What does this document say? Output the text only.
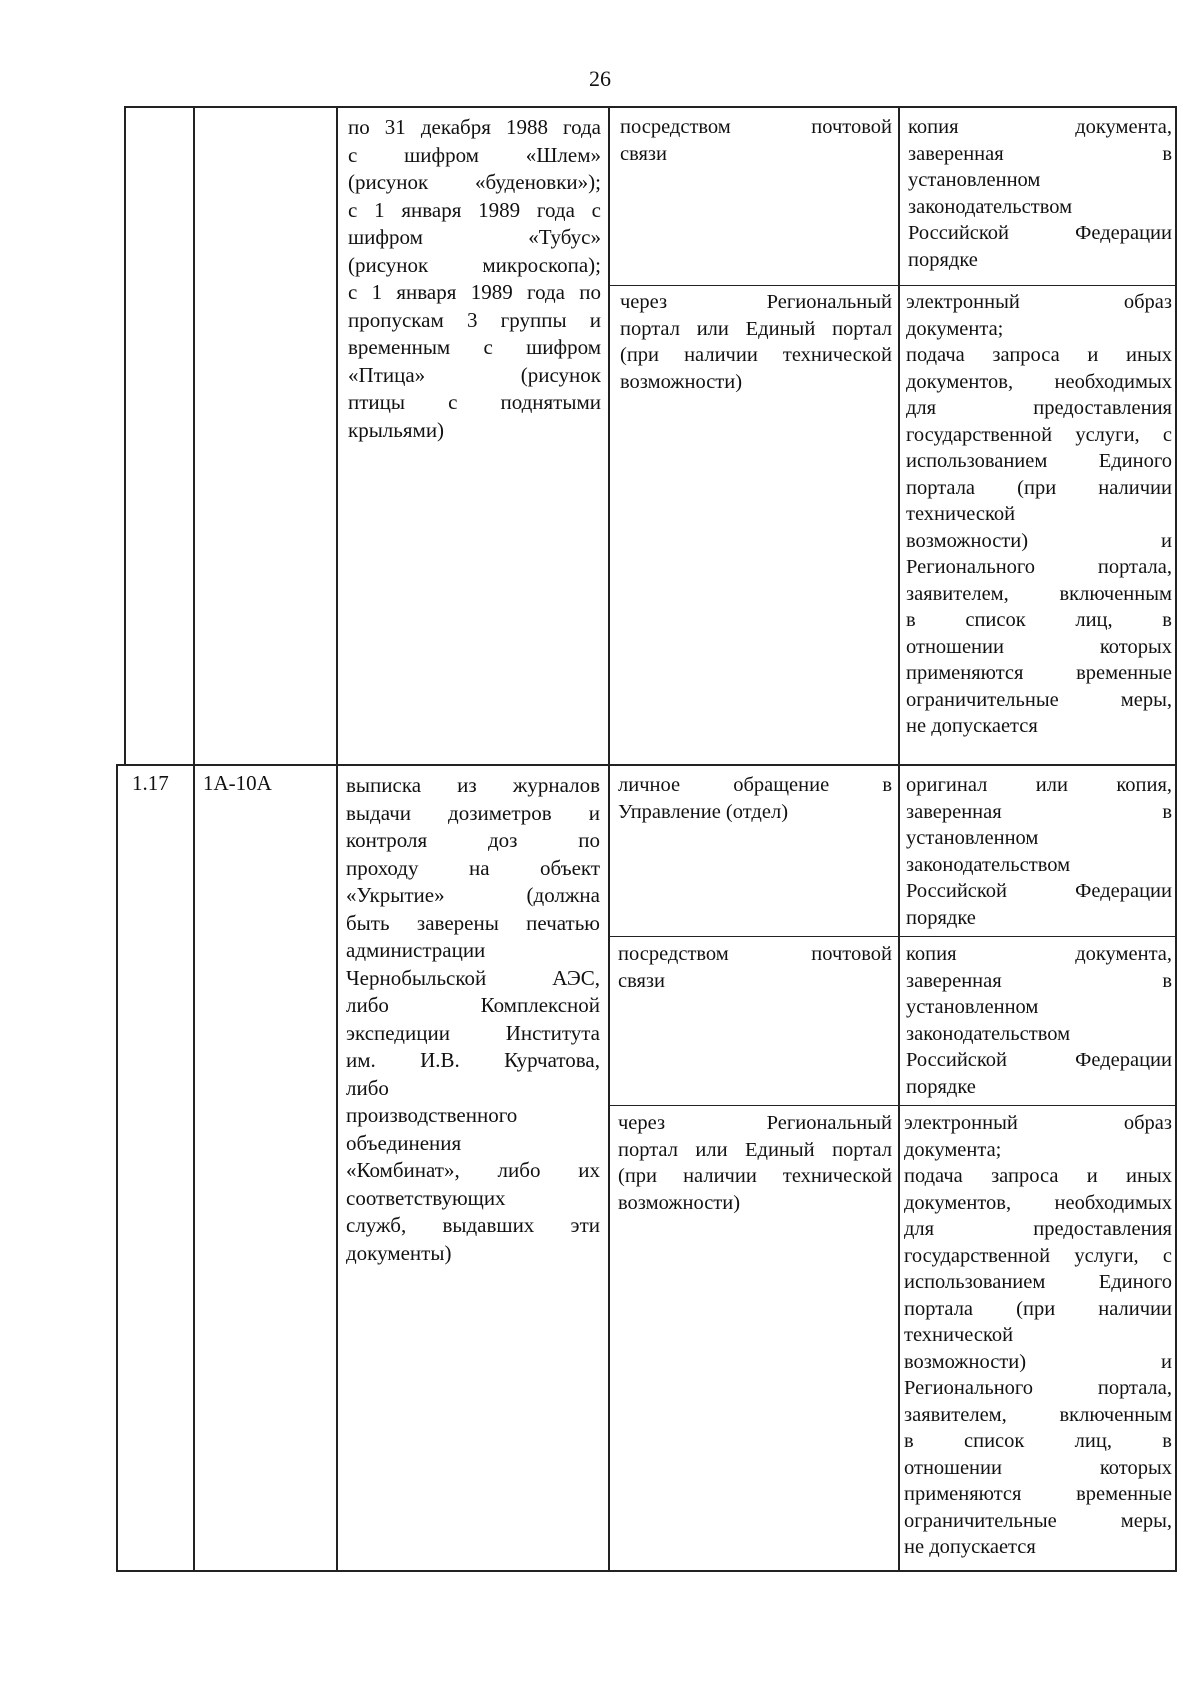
26

по 31 декабря 1988 года

с шифром «Шлем»

(рисунок «буденовки»);

с 1 января 1989 года с

шифром «Тубус»

(рисунок микроскопа);

с 1 января 1989 года по

пропускам 3 группы и

временным с шифром

«Птица» (рисунок

птицы с поднятыми

крыльями)

посредством почтовой

связи

копия документа,

заверенная в

установленном

законодательством

Российской Федерации

порядке

через Региональный

портал или Единый портал

(при наличии технической

возможности)

электронный образ

документа;

подача запроса и иных

документов, необходимых

для предоставления

государственной услуги, с

использованием Единого

портала (при наличии

технической

возможности) и

Регионального портала,

заявителем, включенным

в список лиц, в

отношении которых

применяются временные

ограничительные меры,

не допускается

1.17	1А-10А	выписка из журналов

выдачи дозиметров и

контроля доз по

проходу на объект

«Укрытие» (должна

быть заверены печатью

администрации

Чернобыльской АЭС,

либо Комплексной

экспедиции Института

им. И.В. Курчатова,

либо

производственного

объединения

«Комбинат», либо их

соответствующих

служб, выдавших эти

документы)

личное обращение в

Управление (отдел)

оригинал или копия,

заверенная в

установленном

законодательством

Российской Федерации

порядке

посредством почтовой

связи

копия документа,

заверенная в

установленном

законодательством

Российской Федерации

порядке

через Региональный

портал или Единый портал

(при наличии технической

возможности)

электронный образ

документа;

подача запроса и иных

документов, необходимых

для предоставления

государственной услуги, с

использованием Единого

портала (при наличии

технической

возможности) и

Регионального портала,

заявителем, включенным

в список лиц, в

отношении которых

применяются временные

ограничительные меры,

не допускается
